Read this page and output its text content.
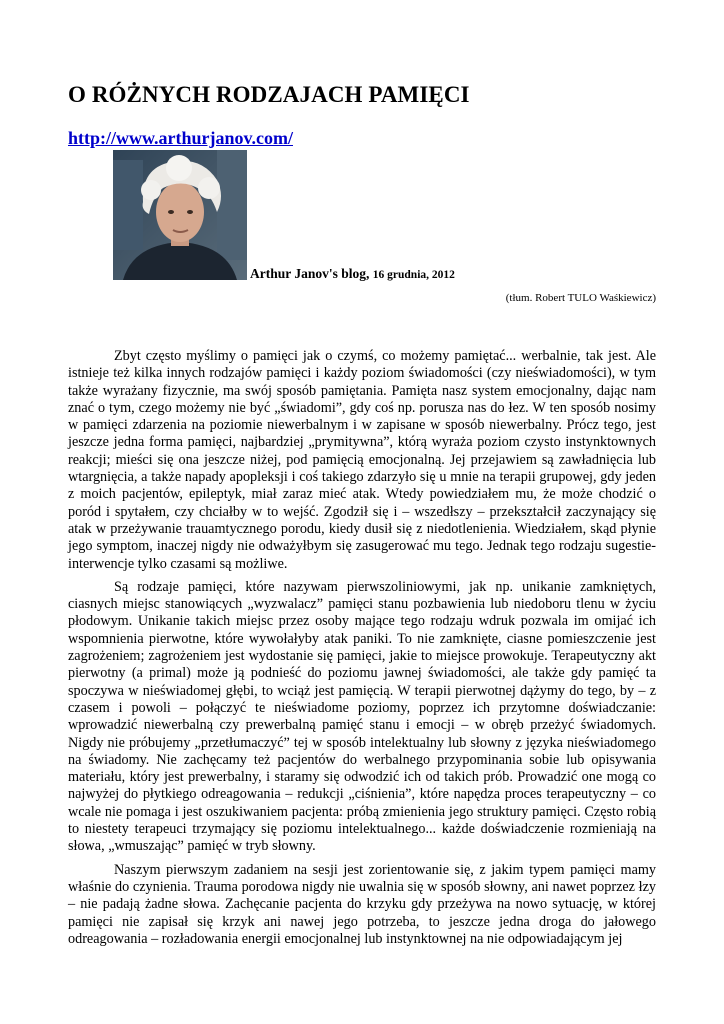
O RÓŻNYCH RODZAJACH PAMIĘCI
http://www.arthurjanov.com/
Arthur Janov's blog, 16 grudnia, 2012
(tłum. Robert TULO Waśkiewicz)

Zbyt często myślimy o pamięci jak o czymś, co możemy pamiętać... werbalnie, tak jest. Ale istnieje też kilka innych rodzajów pamięci i każdy poziom świadomości (czy nieświadomości), w tym także wyrażany fizycznie, ma swój sposób pamiętania. Pamięta nasz system emocjonalny, dając nam znać o tym, czego możemy nie być „świadomi”, gdy coś np. porusza nas do łez. W ten sposób nosimy w pamięci zdarzenia na poziomie niewerbalnym i w zapisane w sposób niewerbalny. Prócz tego, jest jeszcze jedna forma pamięci, najbardziej „prymitywna”, którą wyraża poziom czysto instynktownych reakcji; mieści się ona jeszcze niżej, pod pamięcią emocjonalną. Jej przejawiem są zawładnięcia lub wtargnięcia, a także napady apopleksji i coś takiego zdarzyło się u mnie na terapii grupowej, gdy jeden z moich pacjentów, epileptyk, miał zaraz mieć atak. Wtedy powiedziałem mu, że może chodzić o poród i spytałem, czy chciałby w to wejść. Zgodził się i – wszedłszy – przekształcił zaczynający się atak w przeżywanie trauamtycznego porodu, kiedy dusił się z niedotlenienia. Wiedziałem, skąd płynie jego symptom, inaczej nigdy nie odważyłbym się zasugerować mu tego. Jednak tego rodzaju sugestie-interwencje tylko czasami są możliwe.

Są rodzaje pamięci, które nazywam pierwszoliniowymi, jak np. unikanie zamkniętych, ciasnych miejsc stanowiących „wyzwalacz” pamięci stanu pozbawienia lub niedoboru tlenu w życiu płodowym. Unikanie takich miejsc przez osoby mające tego rodzaju wdruk pozwala im omijać ich wspomnienia pierwotne, które wywołałyby atak paniki. To nie zamknięte, ciasne pomieszczenie jest zagrożeniem; zagrożeniem jest wydostanie się pamięci, jakie to miejsce prowokuje. Terapeutyczny akt pierwotny (a primal) może ją podnieść do poziomu jawnej świadomości, ale także gdy pamięć ta spoczywa w nieświadomej głębi, to wciąż jest pamięcią. W terapii pierwotnej dążymy do tego, by – z czasem i powoli – połączyć te nieświadome poziomy, poprzez ich przytomne doświadczanie: wprowadzić niewerbalną czy prewerbalną pamięć stanu i emocji – w obręb przeżyć świadomych. Nigdy nie próbujemy „przetłumaczyć” tej w sposób intelektualny lub słowny z języka nieświadomego na świadomy. Nie zachęcamy też pacjentów do werbalnego przypominania sobie lub opisywania materiału, który jest prewerbalny, i staramy się odwodzić ich od takich prób. Prowadzić one mogą co najwyżej do płytkiego odreagowania – redukcji „ciśnienia”, które napędza proces terapeutyczny – co wcale nie pomaga i jest oszukiwaniem pacjenta: próbą zmienienia jego struktury pamięci. Często robią to niestety terapeuci trzymający się poziomu intelektualnego... każde doświadczenie rozmieniają na słowa, „wmuszając” pamięć w tryb słowny.

Naszym pierwszym zadaniem na sesji jest zorientowanie się, z jakim typem pamięci mamy właśnie do czynienia. Trauma porodowa nigdy nie uwalnia się w sposób słowny, ani nawet poprzez łzy – nie padają żadne słowa. Zachęcanie pacjenta do krzyku gdy przeżywa na nowo sytuację, w której pamięci nie zapisał się krzyk ani nawej jego potrzeba, to jeszcze jedna droga do jałowego odreagowania – rozładowania energii emocjonalnej lub instynktownej na nie odpowiadającym jej
